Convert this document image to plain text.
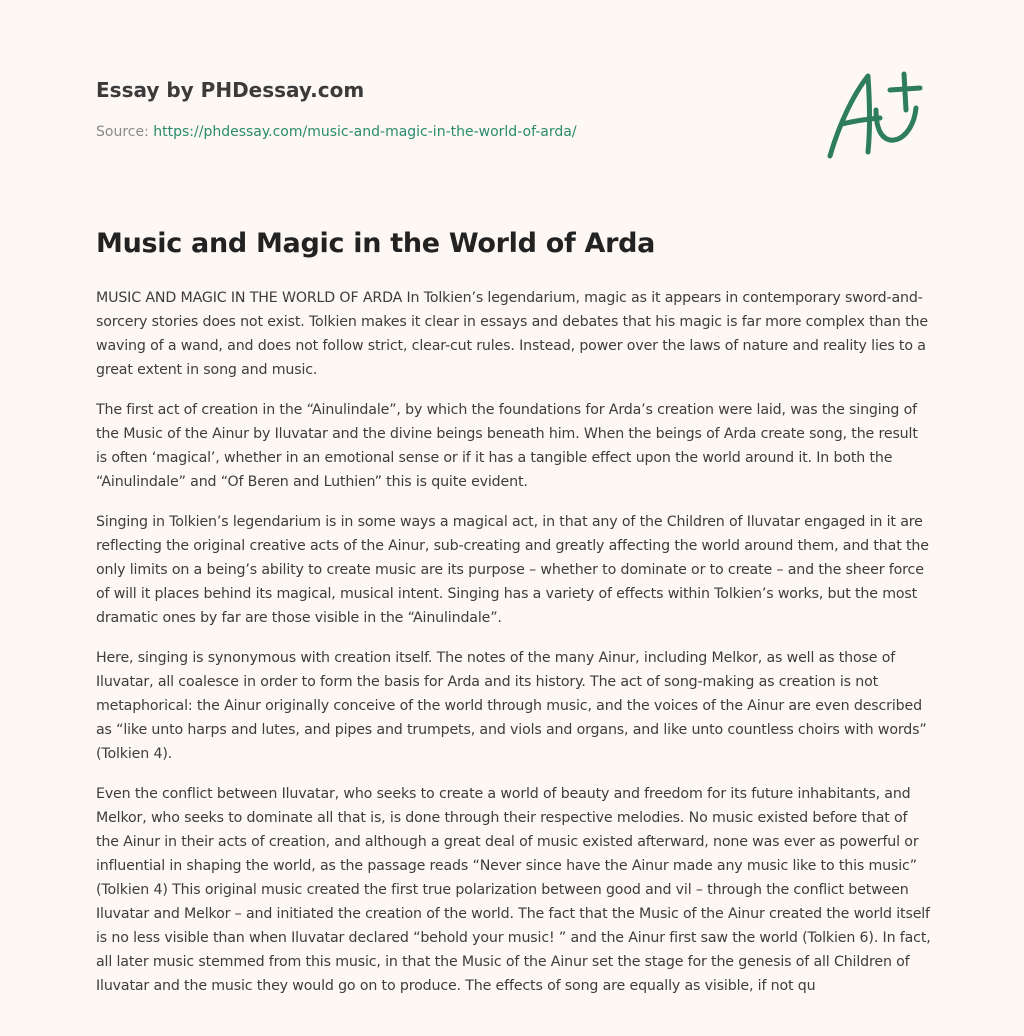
Essay by PHDessay.com
Source: https://phdessay.com/music-and-magic-in-the-world-of-arda/
Music and Magic in the World of Arda

MUSIC AND MAGIC IN THE WORLD OF ARDA In Tolkien’s legendarium, magic as it appears in contemporary sword-and-sorcery stories does not exist. Tolkien makes it clear in essays and debates that his magic is far more complex than the waving of a wand, and does not follow strict, clear-cut rules. Instead, power over the laws of nature and reality lies to a great extent in song and music.

The first act of creation in the “Ainulindale”, by which the foundations for Arda’s creation were laid, was the singing of the Music of the Ainur by Iluvatar and the divine beings beneath him. When the beings of Arda create song, the result is often ‘magical’, whether in an emotional sense or if it has a tangible effect upon the world around it. In both the “Ainulindale” and “Of Beren and Luthien” this is quite evident.

Singing in Tolkien’s legendarium is in some ways a magical act, in that any of the Children of Iluvatar engaged in it are reflecting the original creative acts of the Ainur, sub-creating and greatly affecting the world around them, and that the only limits on a being’s ability to create music are its purpose – whether to dominate or to create – and the sheer force of will it places behind its magical, musical intent. Singing has a variety of effects within Tolkien’s works, but the most dramatic ones by far are those visible in the “Ainulindale”.

Here, singing is synonymous with creation itself. The notes of the many Ainur, including Melkor, as well as those of Iluvatar, all coalesce in order to form the basis for Arda and its history. The act of song-making as creation is not metaphorical: the Ainur originally conceive of the world through music, and the voices of the Ainur are even described as “like unto harps and lutes, and pipes and trumpets, and viols and organs, and like unto countless choirs with words” (Tolkien 4).

Even the conflict between Iluvatar, who seeks to create a world of beauty and freedom for its future inhabitants, and Melkor, who seeks to dominate all that is, is done through their respective melodies. No music existed before that of the Ainur in their acts of creation, and although a great deal of music existed afterward, none was ever as powerful or influential in shaping the world, as the passage reads “Never since have the Ainur made any music like to this music” (Tolkien 4) This original music created the first true polarization between good and vil – through the conflict between Iluvatar and Melkor – and initiated the creation of the world. The fact that the Music of the Ainur created the world itself is no less visible than when Iluvatar declared “behold your music! ” and the Ainur first saw the world (Tolkien 6). In fact, all later music stemmed from this music, in that the Music of the Ainur set the stage for the genesis of all Children of Iluvatar and the music they would go on to produce. The effects of song are equally as visible, if not qu
